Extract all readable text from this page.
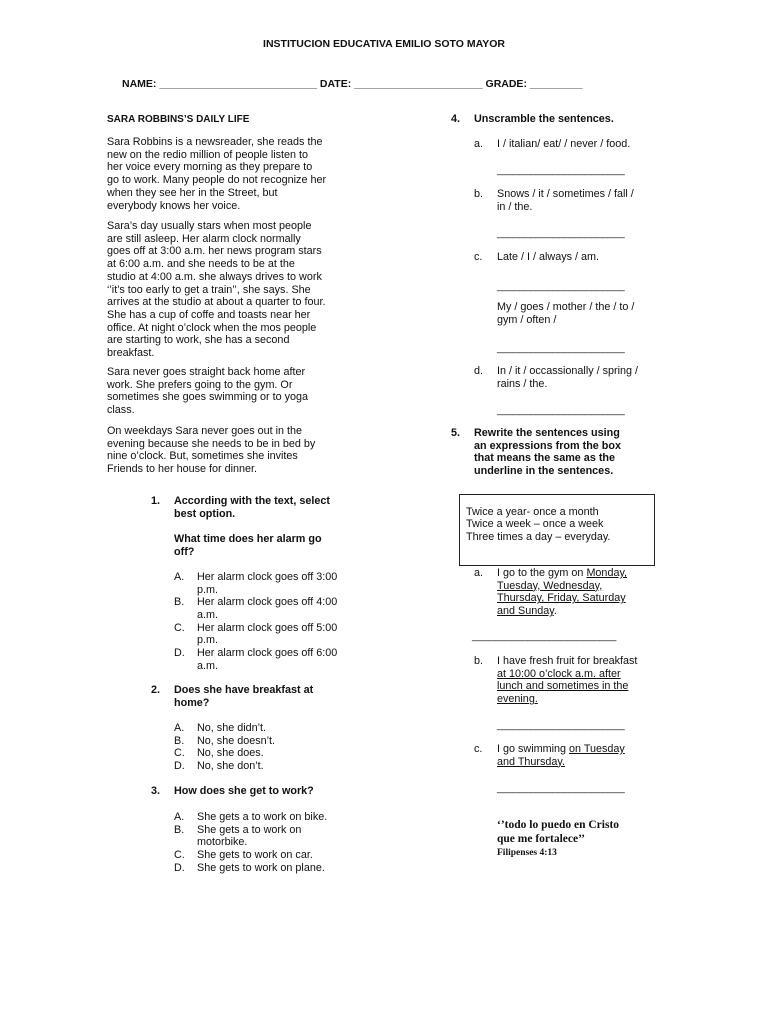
INSTITUCION EDUCATIVA EMILIO SOTO MAYOR
NAME: ___________________________ DATE: ______________________ GRADE: _________
SARA ROBBINS’S DAILY LIFE
Sara Robbins is a newsreader, she reads the
new on the redio million of people listen to
her voice every morning as they prepare to
go to work. Many people do not recognize her
when they see her in the Street, but
everybody knows her voice.
Sara’s day usually stars when most people
are still asleep. Her alarm clock normally
goes off at 3:00 a.m. her news program stars
at 6:00 a.m. and she needs to be at the
studio at 4:00 a.m. she always drives to work
‘’it’s too early to get a train’’, she says. She
arrives at the studio at about a quarter to four.
She has a cup of coffe and toasts near her
office. At night o’clock when the mos people
are starting to work, she has a second
breakfast.
Sara never goes straight back home after
work. She prefers going to the gym. Or
sometimes she goes swimming or to yoga
class.
On weekdays Sara never goes out in the
evening because she needs to be in bed by
nine o’clock. But, sometimes she invites
Friends to her house for dinner.
1. According with the text, select
best option.
What time does her alarm go
off?
A. Her alarm clock goes off 3:00
p.m.
B. Her alarm clock goes off 4:00
a.m.
C. Her alarm clock goes off 5:00
p.m.
D. Her alarm clock goes off 6:00
a.m.
2. Does she have breakfast at
home?
A. No, she didn’t.
B. No, she doesn’t.
C. No, she does.
D. No, she don’t.
3. How does she get to work?
A. She gets a to work on bike.
B. She gets a to work on
motorbike.
C. She gets to work on car.
D. She gets to work on plane.
4. Unscramble the sentences.
a. I / italian/ eat/ / never / food.
_______________________
b. Snows / it / sometimes / fall /
in / the.
_______________________
c. Late / I / always / am.
_______________________
My / goes / mother / the / to /
gym / often /
_______________________
d. In / it / occassionally / spring /
rains / the.
_______________________
5. Rewrite the sentences using
an expressions from the box
that means the same as the
underline in the sentences.
Twice a year- once a month
Twice a week – once a week
Three times a day – everyday.
a. I go to the gym on Monday,
Tuesday, Wednesday,
Thursday, Friday, Saturday
and Sunday.
__________________________
b. I have fresh fruit for breakfast
at 10:00 o’clock a.m. after
lunch and sometimes in the
evening.
_______________________
c. I go swimming on Tuesday
and Thursday.
_______________________
‘’todo lo puedo en Cristo
que me fortalece’’
Filipenses 4:13
